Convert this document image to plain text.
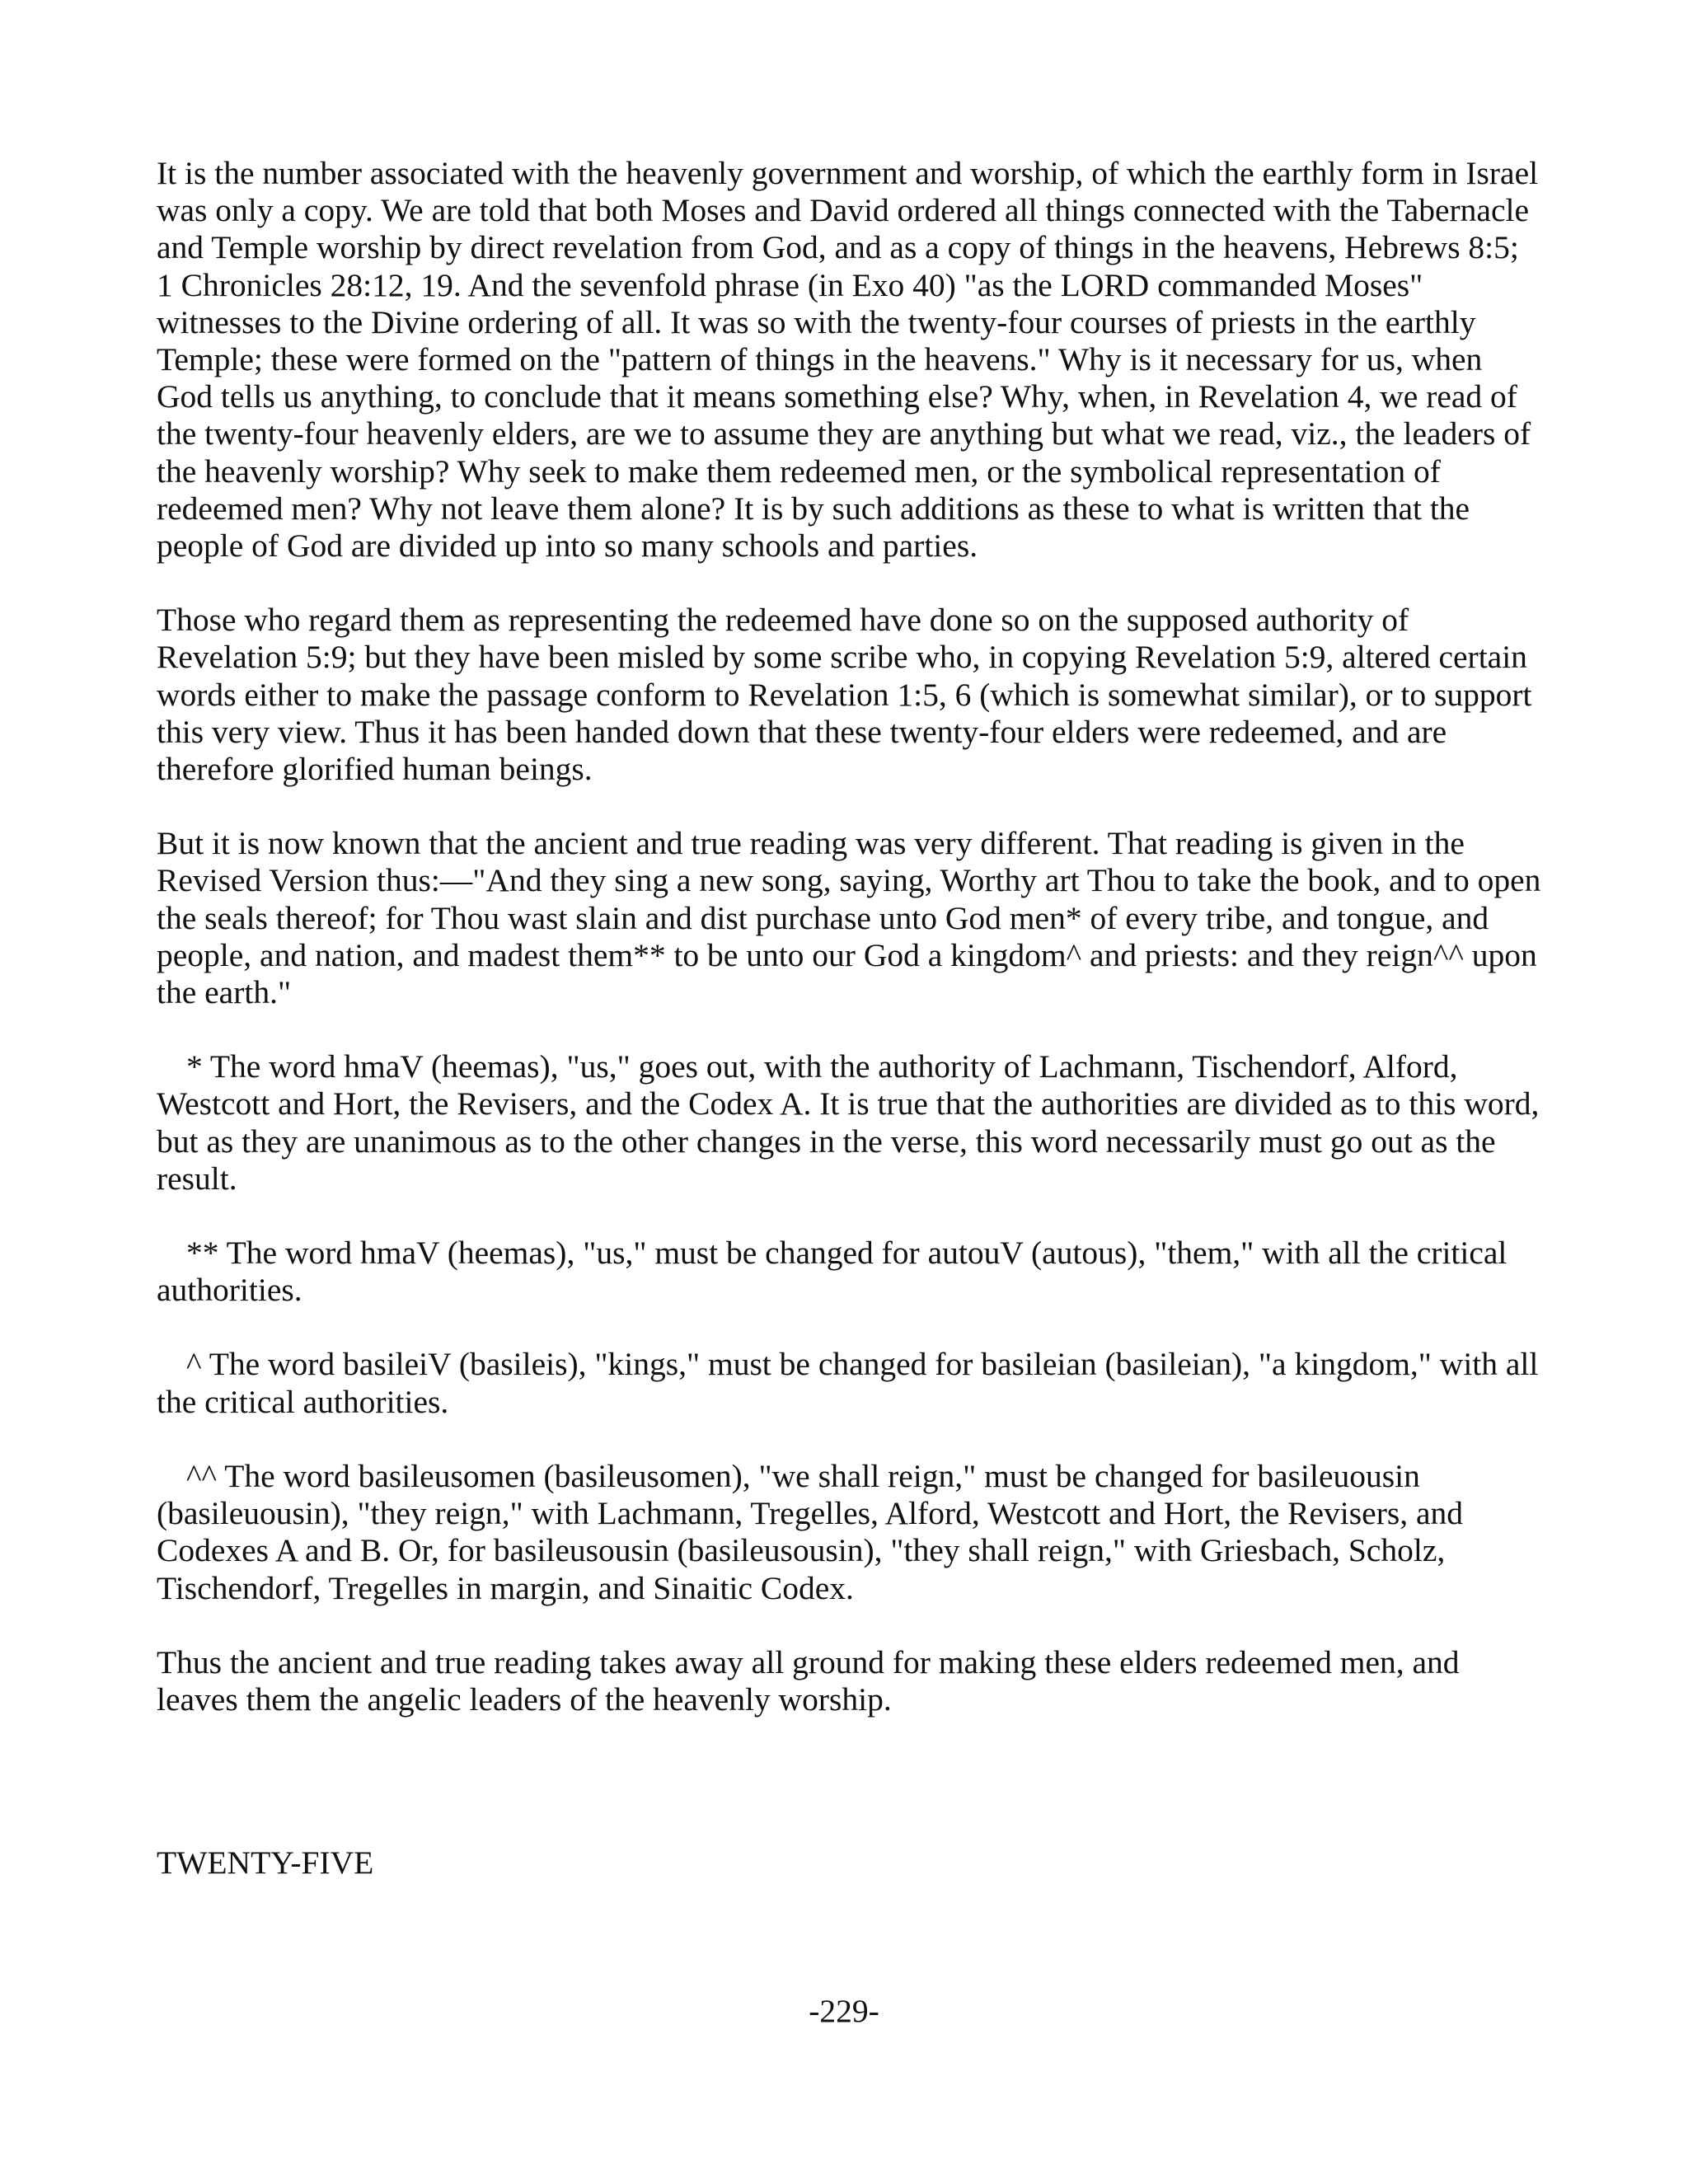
It is the number associated with the heavenly government and worship, of which the earthly form in Israel was only a copy. We are told that both Moses and David ordered all things connected with the Tabernacle and Temple worship by direct revelation from God, and as a copy of things in the heavens, Hebrews 8:5; 1 Chronicles 28:12, 19. And the sevenfold phrase (in Exo 40) "as the LORD commanded Moses" witnesses to the Divine ordering of all. It was so with the twenty-four courses of priests in the earthly Temple; these were formed on the "pattern of things in the heavens." Why is it necessary for us, when God tells us anything, to conclude that it means something else? Why, when, in Revelation 4, we read of the twenty-four heavenly elders, are we to assume they are anything but what we read, viz., the leaders of the heavenly worship? Why seek to make them redeemed men, or the symbolical representation of redeemed men? Why not leave them alone? It is by such additions as these to what is written that the people of God are divided up into so many schools and parties.

Those who regard them as representing the redeemed have done so on the supposed authority of Revelation 5:9; but they have been misled by some scribe who, in copying Revelation 5:9, altered certain words either to make the passage conform to Revelation 1:5, 6 (which is somewhat similar), or to support this very view. Thus it has been handed down that these twenty-four elders were redeemed, and are therefore glorified human beings.

But it is now known that the ancient and true reading was very different. That reading is given in the Revised Version thus:—"And they sing a new song, saying, Worthy art Thou to take the book, and to open the seals thereof; for Thou wast slain and dist purchase unto God men* of every tribe, and tongue, and people, and nation, and madest them** to be unto our God a kingdom^ and priests: and they reign^^ upon the earth."

* The word hmaV (heemas), "us," goes out, with the authority of Lachmann, Tischendorf, Alford, Westcott and Hort, the Revisers, and the Codex A. It is true that the authorities are divided as to this word, but as they are unanimous as to the other changes in the verse, this word necessarily must go out as the result.

** The word hmaV (heemas), "us," must be changed for autouV (autous), "them," with all the critical authorities.

^ The word basileiV (basileis), "kings," must be changed for basileian (basileian), "a kingdom," with all the critical authorities.

^^ The word basileusomen (basileusomen), "we shall reign," must be changed for basileuousin (basileuousin), "they reign," with Lachmann, Tregelles, Alford, Westcott and Hort, the Revisers, and Codexes A and B. Or, for basileusousin (basileusousin), "they shall reign," with Griesbach, Scholz, Tischendorf, Tregelles in margin, and Sinaitic Codex.

Thus the ancient and true reading takes away all ground for making these elders redeemed men, and leaves them the angelic leaders of the heavenly worship.

TWENTY-FIVE

-229-
